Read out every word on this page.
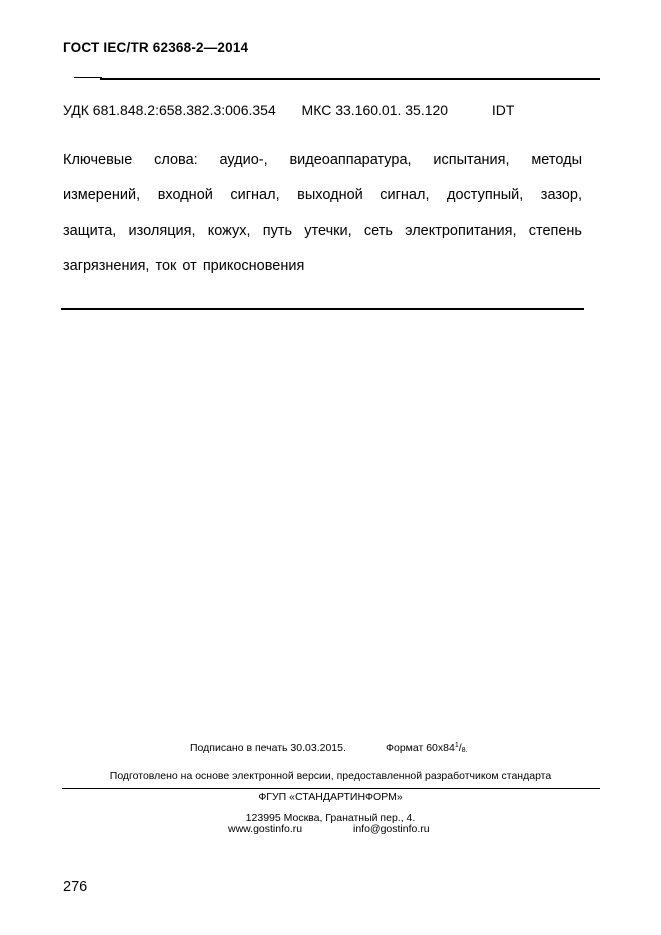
ГОСТ IEC/TR 62368-2—2014
УДК 681.848.2:658.382.3:006.354 МКС 33.160.01. 35.120	IDT
Ключевые слова: аудио-, видеоаппаратура, испытания, методы
измерений, входной сигнал, выходной сигнал, доступный, зазор,
защита, изоляция, кожух, путь утечки, сеть электропитания, степень
загрязнения, ток от прикосновения
Подписано в печать 30.03.2015.	Формат $60x84^1/_{8.}$
Подготовлено на основе электронной версии, предоставленной разработчиком стандарта
ФГУП «СТАНДАРТИНФОРМ»
123995 Москва, Гранатный пер., 4.
www.gostinfo.ru	info@gostinfo.ru
276
